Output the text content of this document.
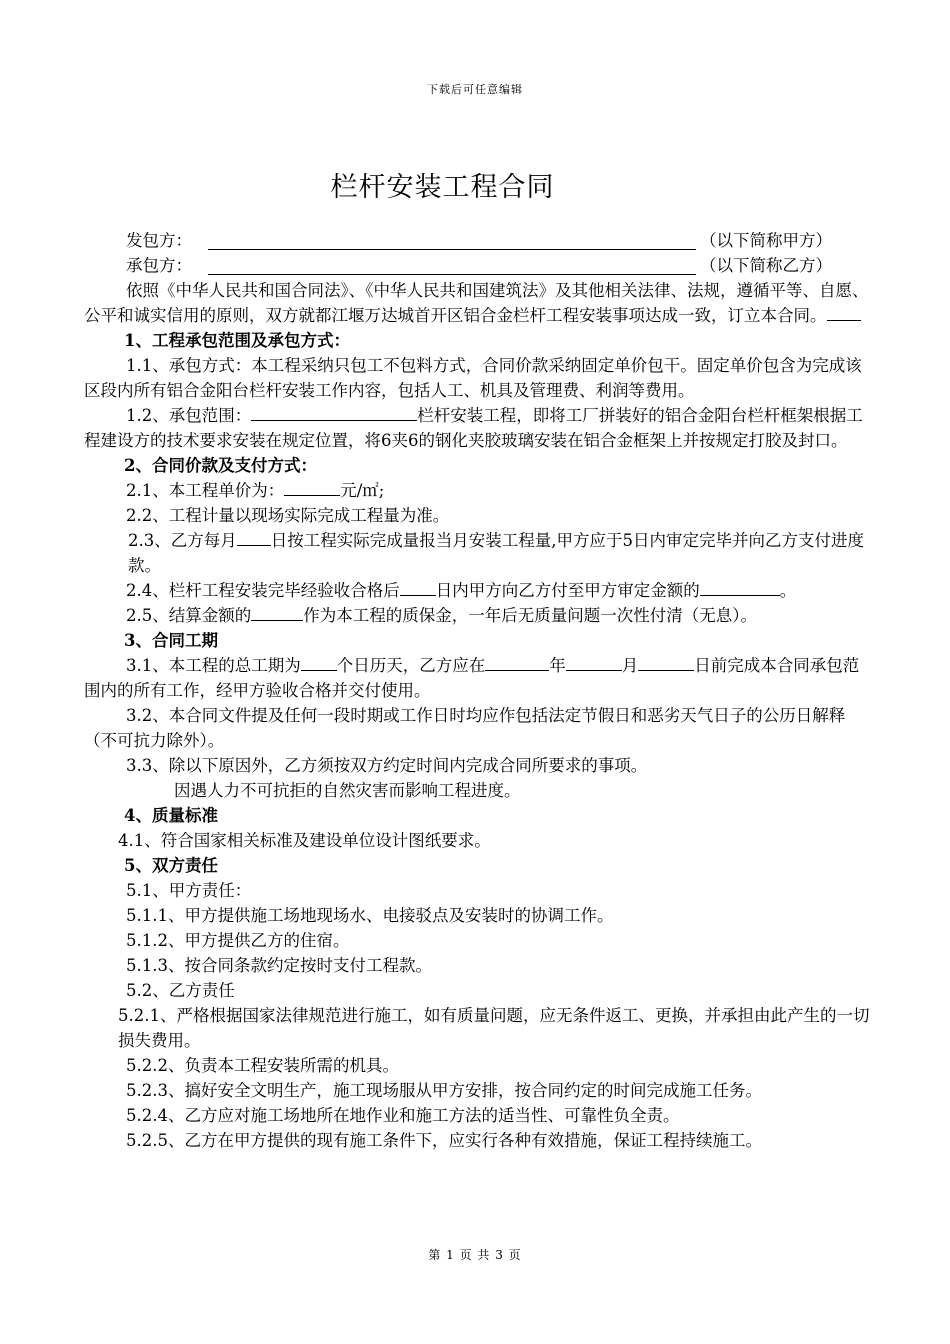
下载后可任意编辑
栏杆安装工程合同

发包方：	（以下简称甲方）

承包方：	（以下简称乙方）

依照《中华人民共和国合同法》、《中华人民共和国建筑法》及其他相关法律、法规，遵循平等、自愿、公平和诚实信用的原则，双方就都江堰万达城首开区铝合金栏杆工程安装事项达成一致，订立本合同。

1、工程承包范围及承包方式：

1.1、承包方式：本工程采纳只包工不包料方式，合同价款采纳固定单价包干。固定单价包含为完成该区段内所有铝合金阳台栏杆安装工作内容，包括人工、机具及管理费、利润等费用。

1.2、承包范围：	栏杆安装工程，即将工厂拼装好的铝合金阳台栏杆框架根据工程建设方的技术要求安装在规定位置，将6夹6的钢化夹胶玻璃安装在铝合金框架上并按规定打胶及封口。

2、合同价款及支付方式：

2.1、本工程单价为：	元/㎡;

2.2、工程计量以现场实际完成工程量为准。

2.3、乙方每月 日按工程实际完成量报当月安装工程量,甲方应于5日内审定完毕并向乙方支付进度款。

2.4、栏杆工程安装完毕经验收合格后 日内甲方向乙方付至甲方审定金额的	。

2.5、结算金额的	作为本工程的质保金，一年后无质量问题一次性付清（无息）。

3、合同工期

3.1、本工程的总工期为 个日历天，乙方应在	年	月	日前完成本合同承包范围内的所有工作，经甲方验收合格并交付使用。

3.2、本合同文件提及任何一段时期或工作日时均应作包括法定节假日和恶劣天气日子的公历日解释（不可抗力除外）。

3.3、除以下原因外，乙方须按双方约定时间内完成合同所要求的事项。

因遇人力不可抗拒的自然灾害而影响工程进度。

4、质量标准

4.1、符合国家相关标准及建设单位设计图纸要求。

5、双方责任

5.1、甲方责任：

5.1.1、甲方提供施工场地现场水、电接驳点及安装时的协调工作。

5.1.2、甲方提供乙方的住宿。

5.1.3、按合同条款约定按时支付工程款。

5.2、乙方责任

5.2.1、严格根据国家法律规范进行施工，如有质量问题，应无条件返工、更换，并承担由此产生的一切损失费用。

5.2.2、负责本工程安装所需的机具。

5.2.3、搞好安全文明生产，施工现场服从甲方安排，按合同约定的时间完成施工任务。

5.2.4、乙方应对施工场地所在地作业和施工方法的适当性、可靠性负全责。

5.2.5、乙方在甲方提供的现有施工条件下，应实行各种有效措施，保证工程持续施工。

第 1 页 共 3 页
